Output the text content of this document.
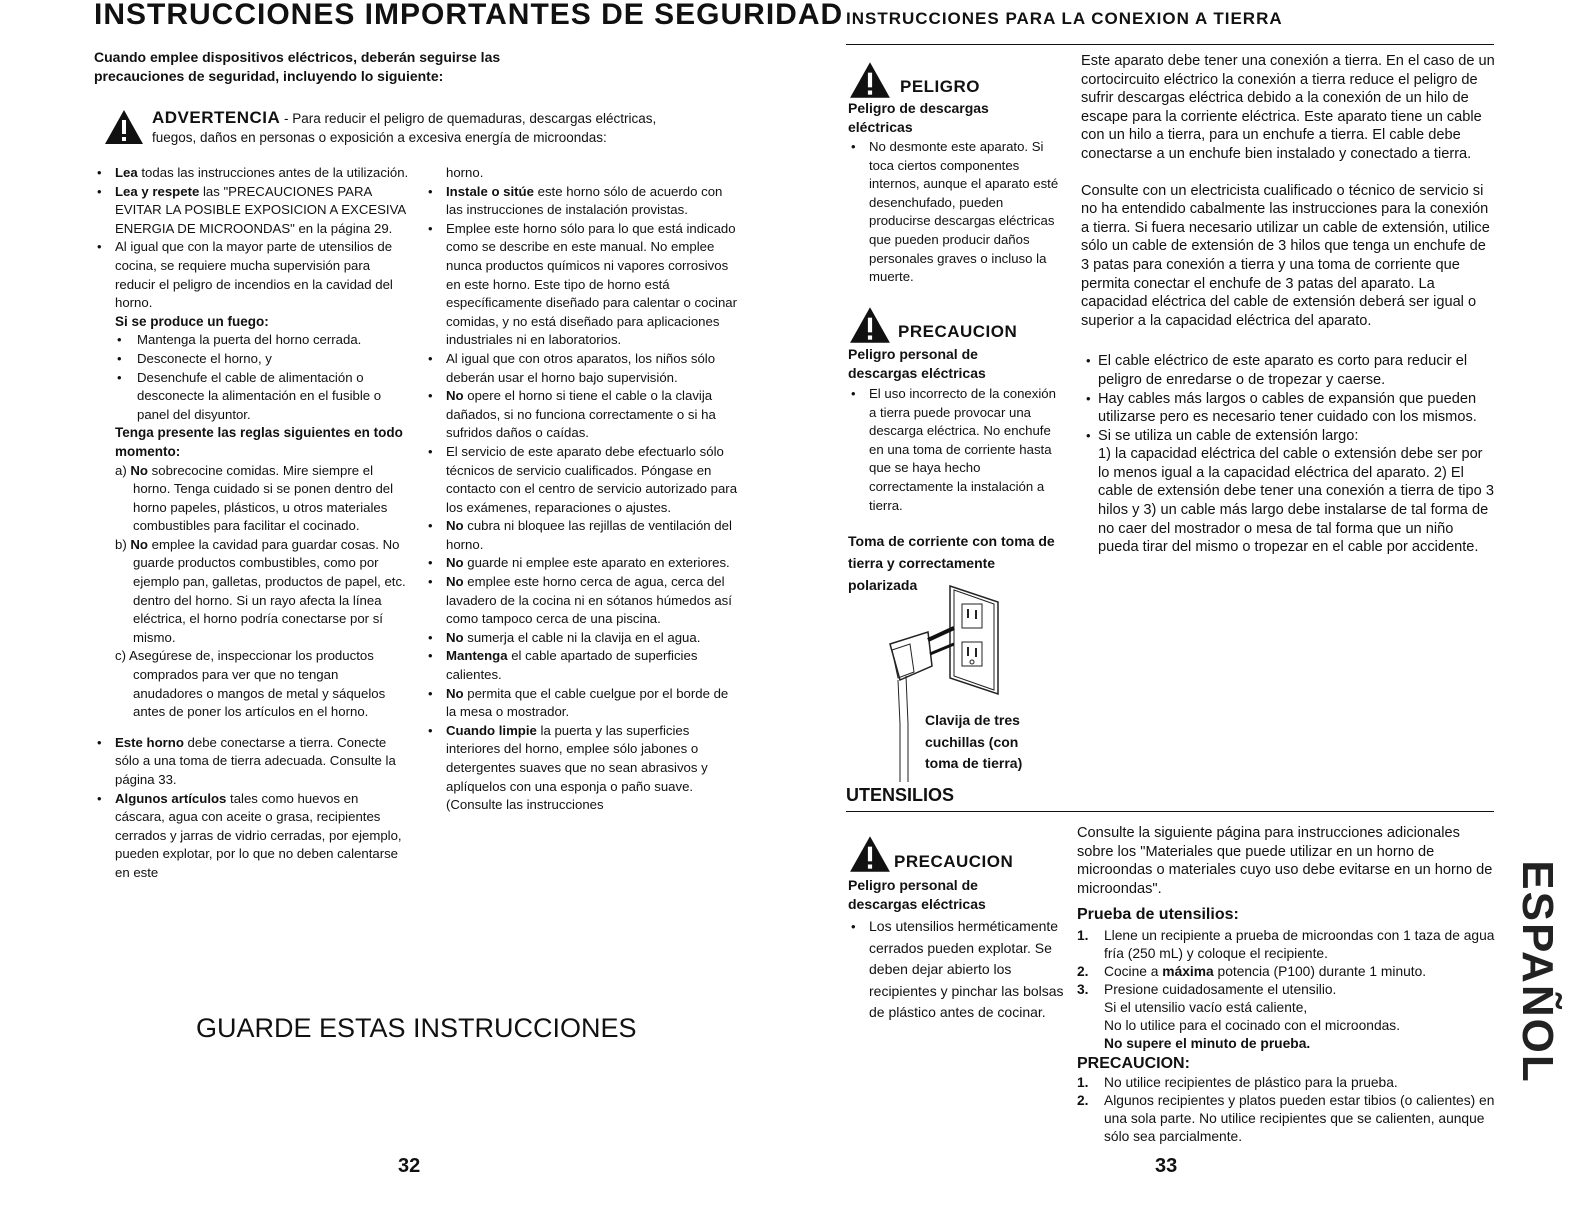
INSTRUCCIONES IMPORTANTES DE SEGURIDAD
Cuando emplee dispositivos eléctricos, deberán seguirse las
precauciones de seguridad, incluyendo lo siguiente:
ADVERTENCIA - Para reducir el peligro de quemaduras, descargas eléctricas,
fuegos, daños en personas o exposición a excesiva energía de microondas:
• Lea todas las instrucciones antes de la utilización.
• Lea y respete las "PRECAUCIONES PARA EVITAR LA POSIBLE EXPOSICION A EXCESIVA ENERGIA DE MICROONDAS" en la página 29.
• Al igual que con la mayor parte de utensilios de cocina, se requiere mucha supervisión para reducir el peligro de incendios en la cavidad del horno.
Si se produce un fuego:
• Mantenga la puerta del horno cerrada.
• Desconecte el horno, y
• Desenchufe el cable de alimentación o desconecte la alimentación en el fusible o panel del disyuntor.
Tenga presente las reglas siguientes en todo momento:
a) No sobrecocine comidas. Mire siempre el horno. Tenga cuidado si se ponen dentro del horno papeles, plásticos, u otros materiales combustibles para facilitar el cocinado.
b) No emplee la cavidad para guardar cosas. No guarde productos combustibles, como por ejemplo pan, galletas, productos de papel, etc. dentro del horno. Si un rayo afecta la línea eléctrica, el horno podría conectarse por sí mismo.
c) Asegúrese de, inspeccionar los productos comprados para ver que no tengan anudadores o mangos de metal y sáquelos antes de poner los artículos en el horno.
• Este horno debe conectarse a tierra. Conecte sólo a una toma de tierra adecuada. Consulte la página 33.
• Algunos artículos tales como huevos en cáscara, agua con aceite o grasa, recipientes cerrados y jarras de vidrio cerradas, por ejemplo, pueden explotar, por lo que no deben calentarse en este

horno.

• Instale o sitúe este horno sólo de acuerdo con las instrucciones de instalación provistas.
• Emplee este horno sólo para lo que está indicado como se describe en este manual. No emplee nunca productos químicos ni vapores corrosivos en este horno. Este tipo de horno está específicamente diseñado para calentar o cocinar comidas, y no está diseñado para aplicaciones industriales ni en laboratorios.
• Al igual que con otros aparatos, los niños sólo deberán usar el horno bajo supervisión.
• No opere el horno si tiene el cable o la clavija dañados, si no funciona correctamente o si ha sufridos daños o caídas.
• El servicio de este aparato debe efectuarlo sólo técnicos de servicio cualificados. Póngase en contacto con el centro de servicio autorizado para los exámenes, reparaciones o ajustes.
• No cubra ni bloquee las rejillas de ventilación del horno.
• No guarde ni emplee este aparato en exteriores.
• No emplee este horno cerca de agua, cerca del lavadero de la cocina ni en sótanos húmedos así como tampoco cerca de una piscina.
• No sumerja el cable ni la clavija en el agua.
• Mantenga el cable apartado de superficies calientes.
• No permita que el cable cuelgue por el borde de la mesa o mostrador.
• Cuando limpie la puerta y las superficies interiores del horno, emplee sólo jabones o detergentes suaves que no sean abrasivos y aplíquelos con una esponja o paño suave. (Consulte las instrucciones
GUARDE ESTAS INSTRUCCIONES
32
INSTRUCCIONES PARA LA CONEXION A TIERRA
PELIGRO
Peligro de descargas eléctricas
• No desmonte este aparato. Si toca ciertos componentes internos, aunque el aparato esté desenchufado, pueden producirse descargas eléctricas que pueden producir daños personales graves o incluso la muerte.
PRECAUCION
Peligro personal de descargas eléctricas
• El uso incorrecto de la conexión a tierra puede provocar una descarga eléctrica. No enchufe en una toma de corriente hasta que se haya hecho correctamente la instalación a tierra.
Toma de corriente con toma de tierra y correctamente polarizada
Clavija de tres cuchillas (con toma de tierra)

Este aparato debe tener una conexión a tierra. En el caso de un cortocircuito eléctrico la conexión a tierra reduce el peligro de sufrir descargas eléctrica debido a la conexión de un hilo de escape para la corriente eléctrica. Este aparato tiene un cable con un hilo a tierra, para un enchufe a tierra. El cable debe conectarse a un enchufe bien instalado y conectado a tierra.

Consulte con un electricista cualificado o técnico de servicio si no ha entendido cabalmente las instrucciones para la conexión a tierra. Si fuera necesario utilizar un cable de extensión, utilice sólo un cable de extensión de 3 hilos que tenga un enchufe de 3 patas para conexión a tierra y una toma de corriente que permita conectar el enchufe de 3 patas del aparato. La capacidad eléctrica del cable de extensión deberá ser igual o superior a la capacidad eléctrica del aparato.

• El cable eléctrico de este aparato es corto para reducir el peligro de enredarse o de tropezar y caerse.
• Hay cables más largos o cables de expansión que pueden utilizarse pero es necesario tener cuidado con los mismos.
• Si se utiliza un cable de extensión largo:
1) la capacidad eléctrica del cable o extensión debe ser por lo menos igual a la capacidad eléctrica del aparato. 2) El cable de extensión debe tener una conexión a tierra de tipo 3 hilos y 3) un cable más largo debe instalarse de tal forma de no caer del mostrador o mesa de tal forma que un niño pueda tirar del mismo o tropezar en el cable por accidente.
UTENSILIOS
PRECAUCION
Peligro personal de descargas eléctricas
• Los utensilios herméticamente cerrados pueden explotar. Se deben dejar abierto los recipientes y pinchar las bolsas de plástico antes de cocinar.

Consulte la siguiente página para instrucciones adicionales sobre los "Materiales que puede utilizar en un horno de microondas o materiales cuyo uso debe evitarse en un horno de microondas".

Prueba de utensilios:
1. Llene un recipiente a prueba de microondas con 1 taza de agua fría (250 mL) y coloque el recipiente.
2. Cocine a máxima potencia (P100) durante 1 minuto.
3. Presione cuidadosamente el utensilio.
Si el utensilio vacío está caliente,
No lo utilice para el cocinado con el microondas.
No supere el minuto de prueba.
PRECAUCION:
1. No utilice recipientes de plástico para la prueba.
2. Algunos recipientes y platos pueden estar tibios (o calientes) en una sola parte. No utilice recipientes que se calienten, aunque sólo sea parcialmente.
33
ESPAÑOL
